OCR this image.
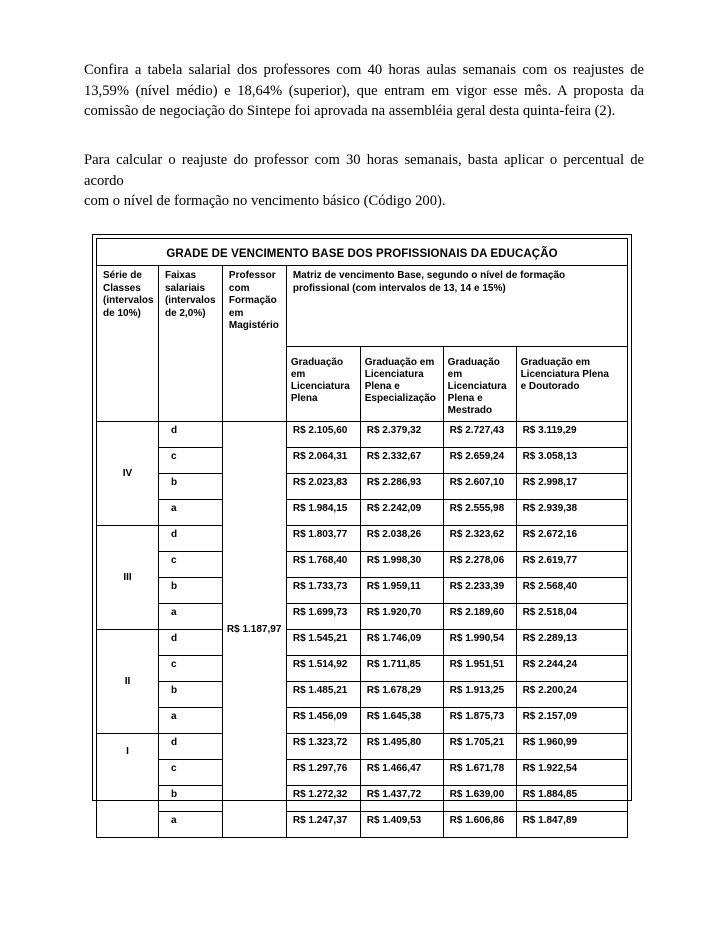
Confira a tabela salarial dos professores com 40 horas aulas semanais com os reajustes de
13,59% (nível médio) e 18,64% (superior), que entram em vigor esse mês. A proposta da
comissão de negociação do Sintepe foi aprovada na assembléia geral desta quinta-feira (2).
Para calcular o reajuste do professor com 30 horas semanais, basta aplicar o percentual de acordo
com o nível de formação no vencimento básico (Código 200).
GRADE DE VENCIMENTO BASE DOS PROFISSIONAIS DA EDUCAÇÃO						

Série de
Classes
(intervalos
de 10%)	Faixas
salariais
(intervalos
de 2,0%)	Professor
com
Formação
em
Magistério	Matriz de vencimento Base, segundo o nível de formação
profissional (com intervalos de 13, 14 e 15%)			

			Graduação
em
Licenciatura
Plena	Graduação em
Licenciatura
Plena e
Especialização	Graduação
em
Licenciatura
Plena e
Mestrado	Graduação em
Licenciatura Plena
e Doutorado

IV	d	R$ 1.187,97	R$ 2.105,60	R$ 2.379,32	R$ 2.727,43	R$ 3.119,29
	c		R$ 2.064,31	R$ 2.332,67	R$ 2.659,24	R$ 3.058,13
	b		R$ 2.023,83	R$ 2.286,93	R$ 2.607,10	R$ 2.998,17
	a		R$ 1.984,15	R$ 2.242,09	R$ 2.555,98	R$ 2.939,38
III	d		R$ 1.803,77	R$ 2.038,26	R$ 2.323,62	R$ 2.672,16
	c		R$ 1.768,40	R$ 1.998,30	R$ 2.278,06	R$ 2.619,77
	b		R$ 1.733,73	R$ 1.959,11	R$ 2.233,39	R$ 2.568,40
	a		R$ 1.699,73	R$ 1.920,70	R$ 2.189,60	R$ 2.518,04
II	d		R$ 1.545,21	R$ 1.746,09	R$ 1.990,54	R$ 2.289,13
	c		R$ 1.514,92	R$ 1.711,85	R$ 1.951,51	R$ 2.244,24
	b		R$ 1.485,21	R$ 1.678,29	R$ 1.913,25	R$ 2.200,24
	a		R$ 1.456,09	R$ 1.645,38	R$ 1.875,73	R$ 2.157,09
I	d		R$ 1.323,72	R$ 1.495,80	R$ 1.705,21	R$ 1.960,99
	c		R$ 1.297,76	R$ 1.466,47	R$ 1.671,78	R$ 1.922,54
	b		R$ 1.272,32	R$ 1.437,72	R$ 1.639,00	R$ 1.884,85
	a		R$ 1.247,37	R$ 1.409,53	R$ 1.606,86	R$ 1.847,89
